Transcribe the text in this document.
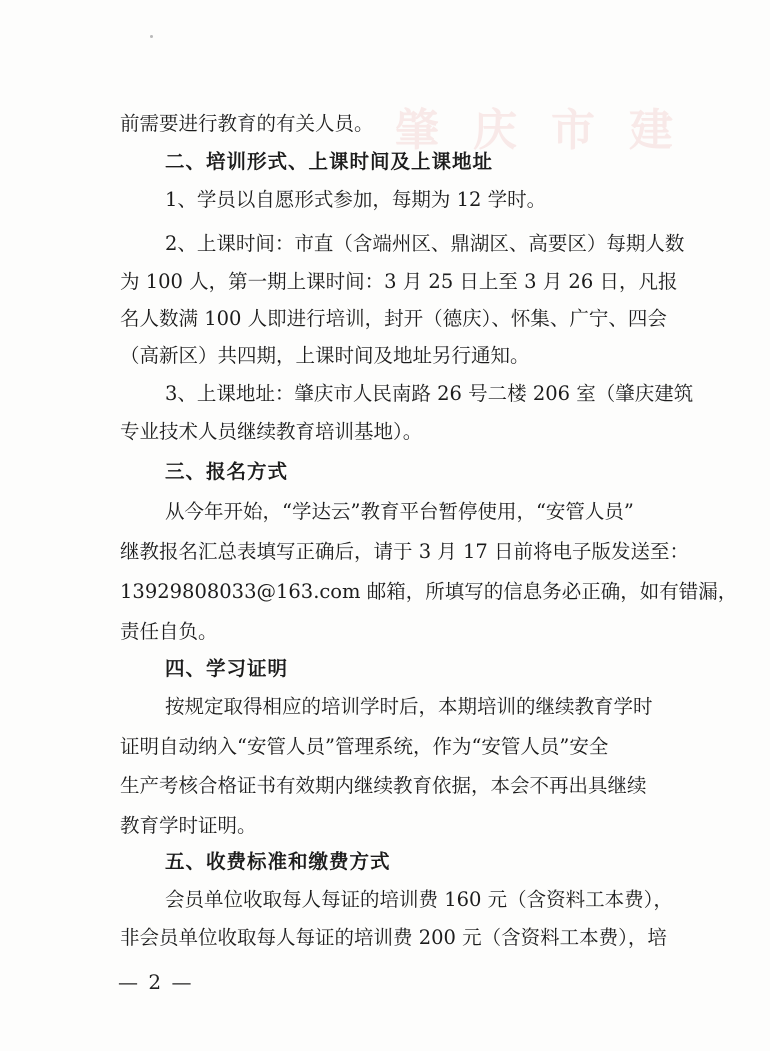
肇庆市建
前需要进行教育的有关人员。
二、培训形式、上课时间及上课地址
1、学员以自愿形式参加，每期为 12 学时。
2、上课时间：市直（含端州区、鼎湖区、高要区）每期人数
为 100 人，第一期上课时间：3 月 25 日上至 3 月 26 日，凡报
名人数满 100 人即进行培训，封开（德庆）、怀集、广宁、四会
（高新区）共四期，上课时间及地址另行通知。
3、上课地址：肇庆市人民南路 26 号二楼 206 室（肇庆建筑
专业技术人员继续教育培训基地）。
三、报名方式
从今年开始，“学达云”教育平台暂停使用，“安管人员”
继教报名汇总表填写正确后，请于 3 月 17 日前将电子版发送至：
13929808033@163.com 邮箱，所填写的信息务必正确，如有错漏，
责任自负。
四、学习证明
按规定取得相应的培训学时后，本期培训的继续教育学时
证明自动纳入“安管人员”管理系统，作为“安管人员”安全
生产考核合格证书有效期内继续教育依据，本会不再出具继续
教育学时证明。
五、收费标准和缴费方式
会员单位收取每人每证的培训费 160 元（含资料工本费），
非会员单位收取每人每证的培训费 200 元（含资料工本费），培
— 2 —
